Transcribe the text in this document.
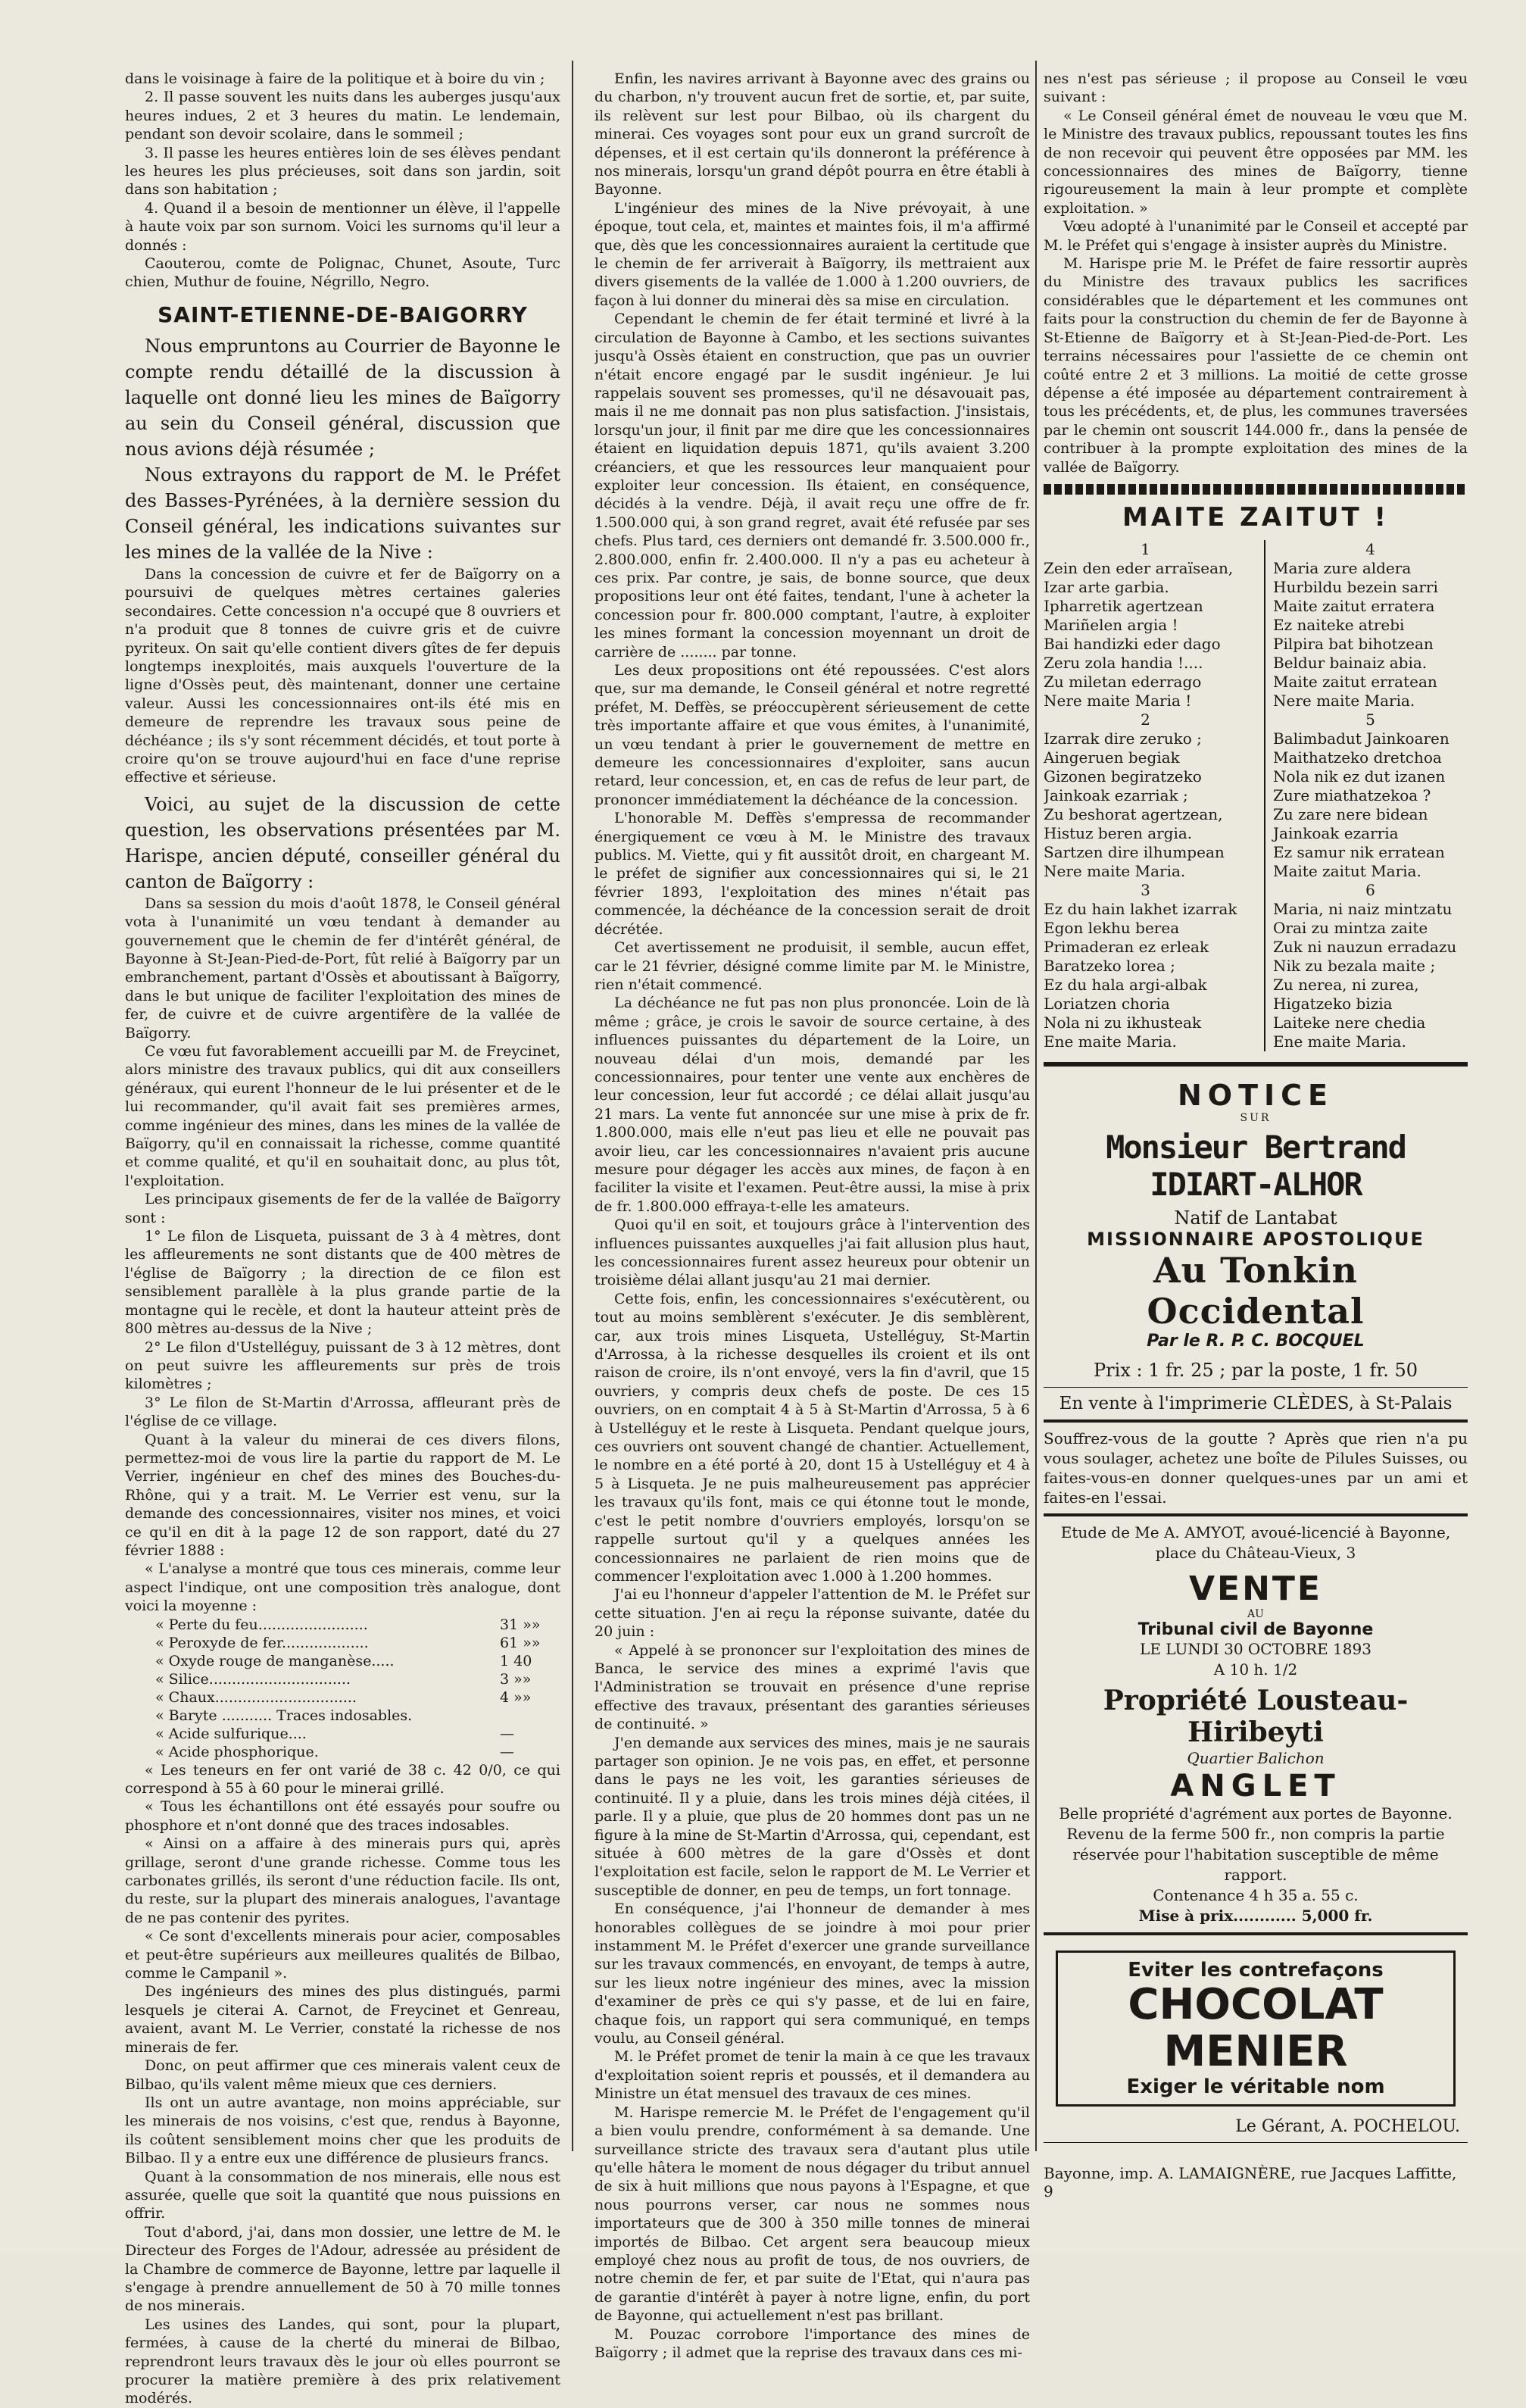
dans le voisinage à faire de la politique et à boire du vin ;

2. Il passe souvent les nuits dans les auberges jusqu'aux heures indues, 2 et 3 heures du matin. Le lendemain, pendant son devoir scolaire, dans le sommeil ;

3. Il passe les heures entières loin de ses élèves pendant les heures les plus précieuses, soit dans son jardin, soit dans son habitation ;

4. Quand il a besoin de mentionner un élève, il l'appelle à haute voix par son surnom. Voici les surnoms qu'il leur a donnés :

Caouterou, comte de Polignac, Chunet, Asoute, Turc chien, Muthur de fouine, Négrillo, Negro.

SAINT-ETIENNE-DE-BAIGORRY

Nous empruntons au Courrier de Bayonne le compte rendu détaillé de la discussion à laquelle ont donné lieu les mines de Baïgorry au sein du Conseil général, discussion que nous avions déjà résumée ;

Nous extrayons du rapport de M. le Préfet des Basses-Pyrénées, à la dernière session du Conseil général, les indications suivantes sur les mines de la vallée de la Nive :

Dans la concession de cuivre et fer de Baïgorry on a poursuivi de quelques mètres certaines galeries secondaires. Cette concession n'a occupé que 8 ouvriers et n'a produit que 8 tonnes de cuivre gris et de cuivre pyriteux. On sait qu'elle contient divers gîtes de fer depuis longtemps inexploités, mais auxquels l'ouverture de la ligne d'Ossès peut, dès maintenant, donner une certaine valeur. Aussi les concessionnaires ont-ils été mis en demeure de reprendre les travaux sous peine de déchéance ; ils s'y sont récemment décidés, et tout porte à croire qu'on se trouve aujourd'hui en face d'une reprise effective et sérieuse.

Voici, au sujet de la discussion de cette question, les observations présentées par M. Harispe, ancien député, conseiller général du canton de Baïgorry :

Dans sa session du mois d'août 1878, le Conseil général vota à l'unanimité un vœu tendant à demander au gouvernement que le chemin de fer d'intérêt général, de Bayonne à St-Jean-Pied-de-Port, fût relié à Baïgorry par un embranchement, partant d'Ossès et aboutissant à Baïgorry, dans le but unique de faciliter l'exploitation des mines de fer, de cuivre et de cuivre argentifère de la vallée de Baïgorry.

Ce vœu fut favorablement accueilli par M. de Freycinet, alors ministre des travaux publics, qui dit aux conseillers généraux, qui eurent l'honneur de le lui présenter et de le lui recommander, qu'il avait fait ses premières armes, comme ingénieur des mines, dans les mines de la vallée de Baïgorry, qu'il en connaissait la richesse, comme quantité et comme qualité, et qu'il en souhaitait donc, au plus tôt, l'exploitation.

Les principaux gisements de fer de la vallée de Baïgorry sont :

1° Le filon de Lisqueta, puissant de 3 à 4 mètres, dont les affleurements ne sont distants que de 400 mètres de l'église de Baïgorry ; la direction de ce filon est sensiblement parallèle à la plus grande partie de la montagne qui le recèle, et dont la hauteur atteint près de 800 mètres au-dessus de la Nive ;

2° Le filon d'Ustelléguy, puissant de 3 à 12 mètres, dont on peut suivre les affleurements sur près de trois kilomètres ;

3° Le filon de St-Martin d'Arrossa, affleurant près de l'église de ce village.

Quant à la valeur du minerai de ces divers filons, permettez-moi de vous lire la partie du rapport de M. Le Verrier, ingénieur en chef des mines des Bouches-du-Rhône, qui y a trait. M. Le Verrier est venu, sur la demande des concessionnaires, visiter nos mines, et voici ce qu'il en dit à la page 12 de son rapport, daté du 27 février 1888 :

« L'analyse a montré que tous ces minerais, comme leur aspect l'indique, ont une composition très analogue, dont voici la moyenne :

« Perte du feu........................	31 »»
« Peroxyde de fer...................	61 »»
« Oxyde rouge de manganèse.....	1 40
« Silice...............................	3 »»
« Chaux...............................	4 »»
« Baryte ........... Traces indosables.
« Acide sulfurique....	—
« Acide phosphorique.	—

« Les teneurs en fer ont varié de 38 c. 42 0/0, ce qui correspond à 55 à 60 pour le minerai grillé.

« Tous les échantillons ont été essayés pour soufre ou phosphore et n'ont donné que des traces indosables.

« Ainsi on a affaire à des minerais purs qui, après grillage, seront d'une grande richesse. Comme tous les carbonates grillés, ils seront d'une réduction facile. Ils ont, du reste, sur la plupart des minerais analogues, l'avantage de ne pas contenir des pyrites.

« Ce sont d'excellents minerais pour acier, composables et peut-être supérieurs aux meilleures qualités de Bilbao, comme le Campanil ».

Des ingénieurs des mines des plus distingués, parmi lesquels je citerai A. Carnot, de Freycinet et Genreau, avaient, avant M. Le Verrier, constaté la richesse de nos minerais de fer.

Donc, on peut affirmer que ces minerais valent ceux de Bilbao, qu'ils valent même mieux que ces derniers.

Ils ont un autre avantage, non moins appréciable, sur les minerais de nos voisins, c'est que, rendus à Bayonne, ils coûtent sensiblement moins cher que les produits de Bilbao. Il y a entre eux une différence de plusieurs francs.

Quant à la consommation de nos minerais, elle nous est assurée, quelle que soit la quantité que nous puissions en offrir.

Tout d'abord, j'ai, dans mon dossier, une lettre de M. le Directeur des Forges de l'Adour, adressée au président de la Chambre de commerce de Bayonne, lettre par laquelle il s'engage à prendre annuellement de 50 à 70 mille tonnes de nos minerais.

Les usines des Landes, qui sont, pour la plupart, fermées, à cause de la cherté du minerai de Bilbao, reprendront leurs travaux dès le jour où elles pourront se procurer la matière première à des prix relativement modérés.

Enfin, les navires arrivant à Bayonne avec des grains ou du charbon, n'y trouvent aucun fret de sortie, et, par suite, ils relèvent sur lest pour Bilbao, où ils chargent du minerai. Ces voyages sont pour eux un grand surcroît de dépenses, et il est certain qu'ils donneront la préférence à nos minerais, lorsqu'un grand dépôt pourra en être établi à Bayonne.

L'ingénieur des mines de la Nive prévoyait, à une époque, tout cela, et, maintes et maintes fois, il m'a affirmé que, dès que les concessionnaires auraient la certitude que le chemin de fer arriverait à Baïgorry, ils mettraient aux divers gisements de la vallée de 1.000 à 1.200 ouvriers, de façon à lui donner du minerai dès sa mise en circulation.

Cependant le chemin de fer était terminé et livré à la circulation de Bayonne à Cambo, et les sections suivantes jusqu'à Ossès étaient en construction, que pas un ouvrier n'était encore engagé par le susdit ingénieur. Je lui rappelais souvent ses promesses, qu'il ne désavouait pas, mais il ne me donnait pas non plus satisfaction. J'insistais, lorsqu'un jour, il finit par me dire que les concessionnaires étaient en liquidation depuis 1871, qu'ils avaient 3.200 créanciers, et que les ressources leur manquaient pour exploiter leur concession. Ils étaient, en conséquence, décidés à la vendre. Déjà, il avait reçu une offre de fr. 1.500.000 qui, à son grand regret, avait été refusée par ses chefs. Plus tard, ces derniers ont demandé fr. 3.500.000 fr., 2.800.000, enfin fr. 2.400.000. Il n'y a pas eu acheteur à ces prix. Par contre, je sais, de bonne source, que deux propositions leur ont été faites, tendant, l'une à acheter la concession pour fr. 800.000 comptant, l'autre, à exploiter les mines formant la concession moyennant un droit de carrière de ........ par tonne.

Les deux propositions ont été repoussées. C'est alors que, sur ma demande, le Conseil général et notre regretté préfet, M. Deffès, se préoccupèrent sérieusement de cette très importante affaire et que vous émites, à l'unanimité, un vœu tendant à prier le gouvernement de mettre en demeure les concessionnaires d'exploiter, sans aucun retard, leur concession, et, en cas de refus de leur part, de prononcer immédiatement la déchéance de la concession.

L'honorable M. Deffès s'empressa de recommander énergiquement ce vœu à M. le Ministre des travaux publics. M. Viette, qui y fit aussitôt droit, en chargeant M. le préfet de signifier aux concessionnaires qui si, le 21 février 1893, l'exploitation des mines n'était pas commencée, la déchéance de la concession serait de droit décrétée.

Cet avertissement ne produisit, il semble, aucun effet, car le 21 février, désigné comme limite par M. le Ministre, rien n'était commencé.

La déchéance ne fut pas non plus prononcée. Loin de là même ; grâce, je crois le savoir de source certaine, à des influences puissantes du département de la Loire, un nouveau délai d'un mois, demandé par les concessionnaires, pour tenter une vente aux enchères de leur concession, leur fut accordé ; ce délai allait jusqu'au 21 mars. La vente fut annoncée sur une mise à prix de fr. 1.800.000, mais elle n'eut pas lieu et elle ne pouvait pas avoir lieu, car les concessionnaires n'avaient pris aucune mesure pour dégager les accès aux mines, de façon à en faciliter la visite et l'examen. Peut-être aussi, la mise à prix de fr. 1.800.000 effraya-t-elle les amateurs.

Quoi qu'il en soit, et toujours grâce à l'intervention des influences puissantes auxquelles j'ai fait allusion plus haut, les concessionnaires furent assez heureux pour obtenir un troisième délai allant jusqu'au 21 mai dernier.

Cette fois, enfin, les concessionnaires s'exécutèrent, ou tout au moins semblèrent s'exécuter. Je dis semblèrent, car, aux trois mines Lisqueta, Ustelléguy, St-Martin d'Arrossa, à la richesse desquelles ils croient et ils ont raison de croire, ils n'ont envoyé, vers la fin d'avril, que 15 ouvriers, y compris deux chefs de poste. De ces 15 ouvriers, on en comptait 4 à 5 à St-Martin d'Arrossa, 5 à 6 à Ustelléguy et le reste à Lisqueta. Pendant quelque jours, ces ouvriers ont souvent changé de chantier. Actuellement, le nombre en a été porté à 20, dont 15 à Ustelléguy et 4 à 5 à Lisqueta. Je ne puis malheureusement pas apprécier les travaux qu'ils font, mais ce qui étonne tout le monde, c'est le petit nombre d'ouvriers employés, lorsqu'on se rappelle surtout qu'il y a quelques années les concessionnaires ne parlaient de rien moins que de commencer l'exploitation avec 1.000 à 1.200 hommes.

J'ai eu l'honneur d'appeler l'attention de M. le Préfet sur cette situation. J'en ai reçu la réponse suivante, datée du 20 juin :

« Appelé à se prononcer sur l'exploitation des mines de Banca, le service des mines a exprimé l'avis que l'Administration se trouvait en présence d'une reprise effective des travaux, présentant des garanties sérieuses de continuité. »

J'en demande aux services des mines, mais je ne saurais partager son opinion. Je ne vois pas, en effet, et personne dans le pays ne les voit, les garanties sérieuses de continuité. Il y a pluie, dans les trois mines déjà citées, il parle. Il y a pluie, que plus de 20 hommes dont pas un ne figure à la mine de St-Martin d'Arrossa, qui, cependant, est située à 600 mètres de la gare d'Ossès et dont l'exploitation est facile, selon le rapport de M. Le Verrier et susceptible de donner, en peu de temps, un fort tonnage.

En conséquence, j'ai l'honneur de demander à mes honorables collègues de se joindre à moi pour prier instamment M. le Préfet d'exercer une grande surveillance sur les travaux commencés, en envoyant, de temps à autre, sur les lieux notre ingénieur des mines, avec la mission d'examiner de près ce qui s'y passe, et de lui en faire, chaque fois, un rapport qui sera communiqué, en temps voulu, au Conseil général.

M. le Préfet promet de tenir la main à ce que les travaux d'exploitation soient repris et poussés, et il demandera au Ministre un état mensuel des travaux de ces mines.

M. Harispe remercie M. le Préfet de l'engagement qu'il a bien voulu prendre, conformément à sa demande. Une surveillance stricte des travaux sera d'autant plus utile qu'elle hâtera le moment de nous dégager du tribut annuel de six à huit millions que nous payons à l'Espagne, et que nous pourrons verser, car nous ne sommes nous importateurs que de 300 à 350 mille tonnes de minerai importés de Bilbao. Cet argent sera beaucoup mieux employé chez nous au profit de tous, de nos ouvriers, de notre chemin de fer, et par suite de l'Etat, qui n'aura pas de garantie d'intérêt à payer à notre ligne, enfin, du port de Bayonne, qui actuellement n'est pas brillant.

M. Pouzac corrobore l'importance des mines de Baïgorry ; il admet que la reprise des travaux dans ces mi-

nes n'est pas sérieuse ; il propose au Conseil le vœu suivant :

« Le Conseil général émet de nouveau le vœu que M. le Ministre des travaux publics, repoussant toutes les fins de non recevoir qui peuvent être opposées par MM. les concessionnaires des mines de Baïgorry, tienne rigoureusement la main à leur prompte et complète exploitation. »

Vœu adopté à l'unanimité par le Conseil et accepté par M. le Préfet qui s'engage à insister auprès du Ministre.

M. Harispe prie M. le Préfet de faire ressortir auprès du Ministre des travaux publics les sacrifices considérables que le département et les communes ont faits pour la construction du chemin de fer de Bayonne à St-Etienne de Baïgorry et à St-Jean-Pied-de-Port. Les terrains nécessaires pour l'assiette de ce chemin ont coûté entre 2 et 3 millions. La moitié de cette grosse dépense a été imposée au département contrairement à tous les précédents, et, de plus, les communes traversées par le chemin ont souscrit 144.000 fr., dans la pensée de contribuer à la prompte exploitation des mines de la vallée de Baïgorry.

MAITE ZAITUT !
1
Zein den eder arraïsean,
Izar arte garbia.
Ipharretik agertzean
Mariñelen argia !
Bai handizki eder dago
Zeru zola handia !....
Zu miletan ederrago
Nere maite Maria !
4
Maria zure aldera
Hurbildu bezein sarri
Maite zaitut erratera
Ez naiteke atrebi
Pilpira bat bihotzean
Beldur bainaiz abia.
Maite zaitut erratean
Nere maite Maria.
2
Izarrak dire zeruko ;
Aingeruen begiak
Gizonen begiratzeko
Jainkoak ezarriak ;
Zu beshorat agertzean,
Histuz beren argia.
Sartzen dire ilhumpean
Nere maite Maria.
5
Balimbadut Jainkoaren
Maithatzeko dretchoa
Nola nik ez dut izanen
Zure miathatzekoa ?
Zu zare nere bidean
Jainkoak ezarria
Ez samur nik erratean
Maite zaitut Maria.
3
Ez du hain lakhet izarrak
Egon lekhu berea
Primaderan ez erleak
Baratzeko lorea ;
Ez du hala argi-albak
Loriatzen choria
Nola ni zu ikhusteak
Ene maite Maria.
6
Maria, ni naiz mintzatu
Orai zu mintza zaite
Zuk ni nauzun erradazu
Nik zu bezala maite ;
Zu nerea, ni zurea,
Higatzeko bizia
Laiteke nere chedia
Ene maite Maria.
NOTICE
SUR
Monsieur Bertrand IDIART-ALHOR
Natif de Lantabat
MISSIONNAIRE APOSTOLIQUE
Au Tonkin Occidental
Par le R. P. C. BOCQUEL
Prix : 1 fr. 25 ; par la poste, 1 fr. 50
En vente à l'imprimerie CLÈDES, à St-Palais

Souffrez-vous de la goutte ? Après que rien n'a pu vous soulager, achetez une boîte de Pilules Suisses, ou faites-vous-en donner quelques-unes par un ami et faites-en l'essai.

Etude de Me A. AMYOT, avoué-licencié à Bayonne, place du Château-Vieux, 3

VENTE
AU
Tribunal civil de Bayonne
LE LUNDI 30 OCTOBRE 1893
A 10 h. 1/2
Propriété Lousteau-Hiribeyti
Quartier Balichon
ANGLET
Belle propriété d'agrément aux portes de Bayonne. Revenu de la ferme 500 fr., non compris la partie réservée pour l'habitation susceptible de même rapport.
Contenance 4 h 35 a. 55 c.
Mise à prix............ 5,000 fr.
Eviter les contrefaçons
CHOCOLAT
MENIER
Exiger le véritable nom
Le Gérant, A. POCHELOU.
Bayonne, imp. A. LAMAIGNÈRE, rue Jacques Laffitte, 9
